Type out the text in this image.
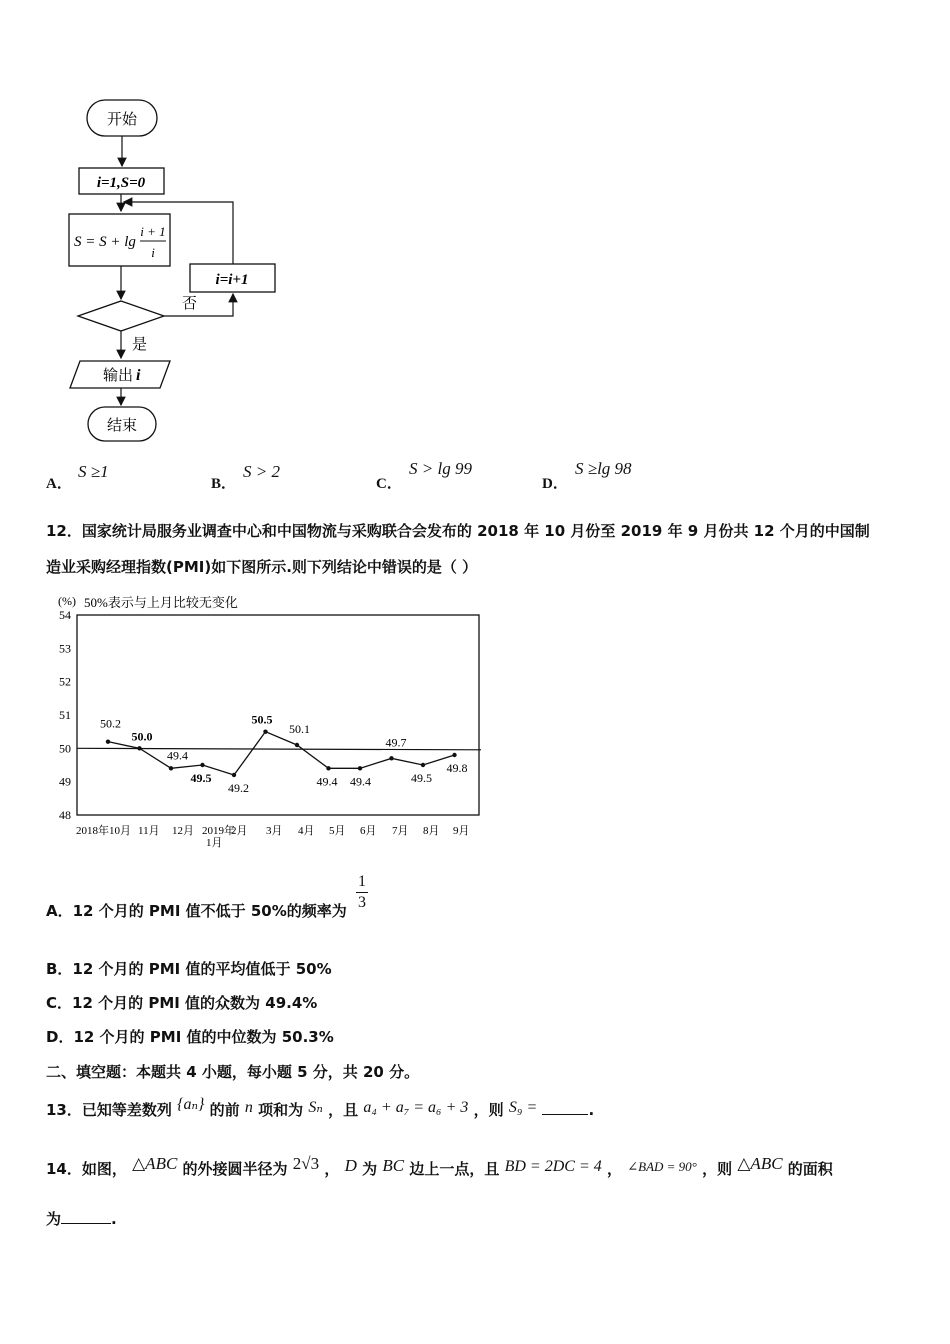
开始
i=1,S=0
S = S + lg
i + 1
i
否
i=i+1
是
输出 i
结束
A．
S ≥1
B．
S > 2
C．
S > lg 99
D．
S ≥lg 98
12．国家统计局服务业调查中心和中国物流与采购联合会发布的 2018 年 10 月份至 2019 年 9 月份共 12 个月的中国制
造业采购经理指数(PMI)如下图所示.则下列结论中错误的是（ ）
(%) 50%表示与上月比较无变化
54
53
52
51
50
49
48
50.2
50.0
49.4
49.5
49.2
50.5
50.1
49.4 49.4
49.7
49.5
49.8
2018年10月 11月 12月 2019年
1月
2月 3月 4月 5月 6月 7月 8月 9月
A．12 个月的 PMI 值不低于 50%的频率为 $\frac{1}{3}$
B．12 个月的 PMI 值的平均值低于 50%
C．12 个月的 PMI 值的众数为 49.4%
D．12 个月的 PMI 值的中位数为 50.3%
二、填空题：本题共 4 小题，每小题 5 分，共 20 分。
13．已知等差数列 {aₙ} 的前 n 项和为 Sₙ ，且 a₄ + a₇ = a₆ + 3 ，则 S₉ =	.
14．如图， △ABC 的外接圆半径为 2√3 ， D 为 BC 边上一点，且 BD = 2DC = 4 ， ∠BAD = 90° ，则 △ABC 的面积
为	.
